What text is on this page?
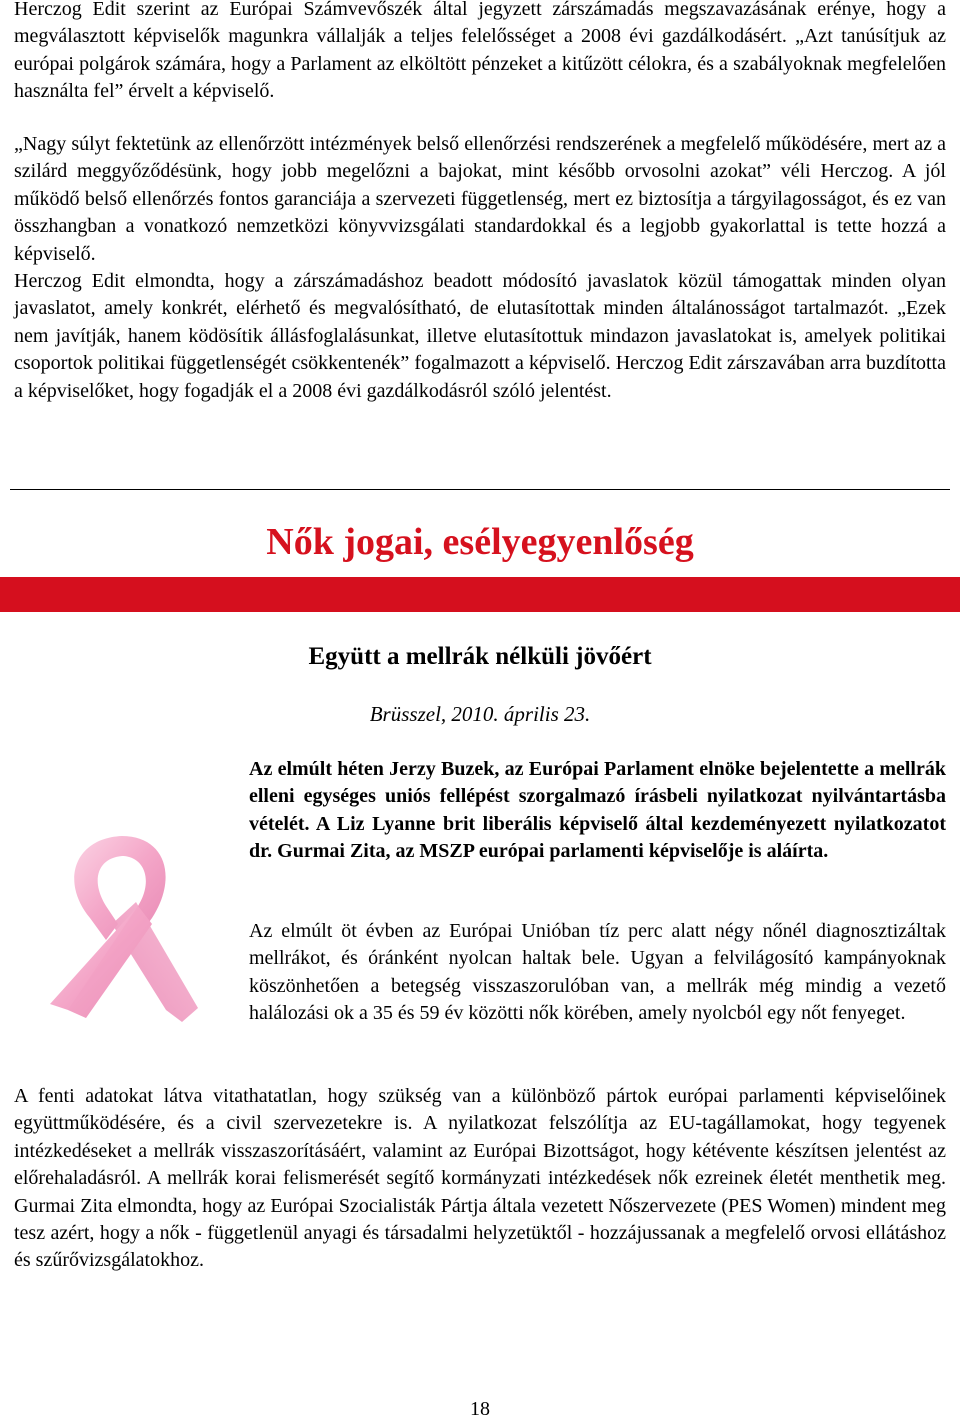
Herczog Edit szerint az Európai Számvevőszék által jegyzett zárszámadás megszavazásának erénye, hogy a megválasztott képviselők magunkra vállalják a teljes felelősséget a 2008 évi gazdálkodásért. „Azt tanúsítjuk az európai polgárok számára, hogy a Parlament az elköltött pénzeket a kitűzött célokra, és a szabályoknak megfelelően használta fel” érvelt a képviselő.

„Nagy súlyt fektetünk az ellenőrzött intézmények belső ellenőrzési rendszerének a megfelelő működésére, mert az a szilárd meggyőződésünk, hogy jobb megelőzni a bajokat, mint később orvosolni azokat” véli Herczog. A jól működő belső ellenőrzés fontos garanciája a szervezeti függetlenség, mert ez biztosítja a tárgyilagosságot, és ez van összhangban a vonatkozó nemzetközi könyvvizsgálati standardokkal és a legjobb gyakorlattal is tette hozzá a képviselő.

Herczog Edit elmondta, hogy a zárszámadáshoz beadott módosító javaslatok közül támogattak minden olyan javaslatot, amely konkrét, elérhető és megvalósítható, de elutasítottak minden általánosságot tartalmazót. „Ezek nem javítják, hanem ködösítik állásfoglalásunkat, illetve elutasítottuk mindazon javaslatokat is, amelyek politikai csoportok politikai függetlenségét csökkentenék” fogalmazott a képviselő. Herczog Edit zárszavában arra buzdította a képviselőket, hogy fogadják el a 2008 évi gazdálkodásról szóló jelentést.

Nők jogai, esélyegyenlőség
Együtt a mellrák nélküli jövőért

Brüsszel, 2010. április 23.

Az elmúlt héten Jerzy Buzek, az Európai Parlament elnöke bejelentette a mellrák elleni egységes uniós fellépést szorgalmazó írásbeli nyilatkozat nyilvántartásba vételét. A Liz Lyanne brit liberális képviselő által kezdeményezett nyilatkozatot dr. Gurmai Zita, az MSZP európai parlamenti képviselője is aláírta.

Az elmúlt öt évben az Európai Unióban tíz perc alatt négy nőnél diagnosztizáltak mellrákot, és óránként nyolcan haltak bele. Ugyan a felvilágosító kampányoknak köszönhetően a betegség visszaszorulóban van, a mellrák még mindig a vezető halálozási ok a 35 és 59 év közötti nők körében, amely nyolcból egy nőt fenyeget.

A fenti adatokat látva vitathatatlan, hogy szükség van a különböző pártok európai parlamenti képviselőinek együttműködésére, és a civil szervezetekre is. A nyilatkozat felszólítja az EU-tagállamokat, hogy tegyenek intézkedéseket a mellrák visszaszorításáért, valamint az Európai Bizottságot, hogy kétévente készítsen jelentést az előrehaladásról. A mellrák korai felismerését segítő kormányzati intézkedések nők ezreinek életét menthetik meg. Gurmai Zita elmondta, hogy az Európai Szocialisták Pártja általa vezetett Nőszervezete (PES Women) mindent meg tesz azért, hogy a nők - függetlenül anyagi és társadalmi helyzetüktől - hozzájussanak a megfelelő orvosi ellátáshoz és szűrővizsgálatokhoz.

18
